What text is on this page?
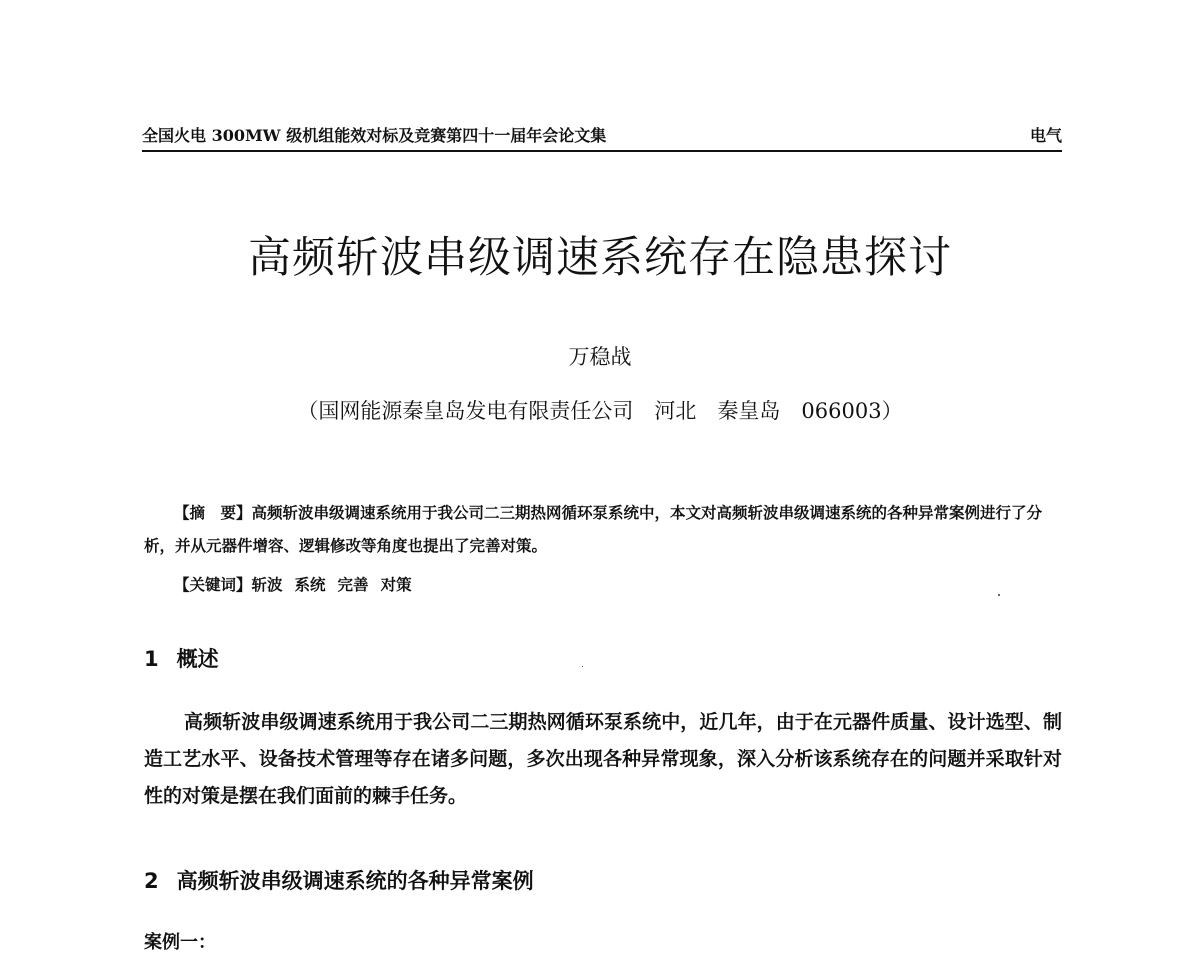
全国火电 300MW 级机组能效对标及竞赛第四十一届年会论文集	电气
高频斩波串级调速系统存在隐患探讨
万稳战
（国网能源秦皇岛发电有限责任公司　河北　秦皇岛　066003）

【摘　要】高频斩波串级调速系统用于我公司二三期热网循环泵系统中，本文对高频斩波串级调速系统的各种异常案例进行了分析，并从元器件增容、逻辑修改等角度也提出了完善对策。

【关键词】斩波 系统 完善 对策

1 概述

高频斩波串级调速系统用于我公司二三期热网循环泵系统中，近几年，由于在元器件质量、设计选型、制造工艺水平、设备技术管理等存在诸多问题，多次出现各种异常现象，深入分析该系统存在的问题并采取针对性的对策是摆在我们面前的棘手任务。

2 高频斩波串级调速系统的各种异常案例

案例一：
